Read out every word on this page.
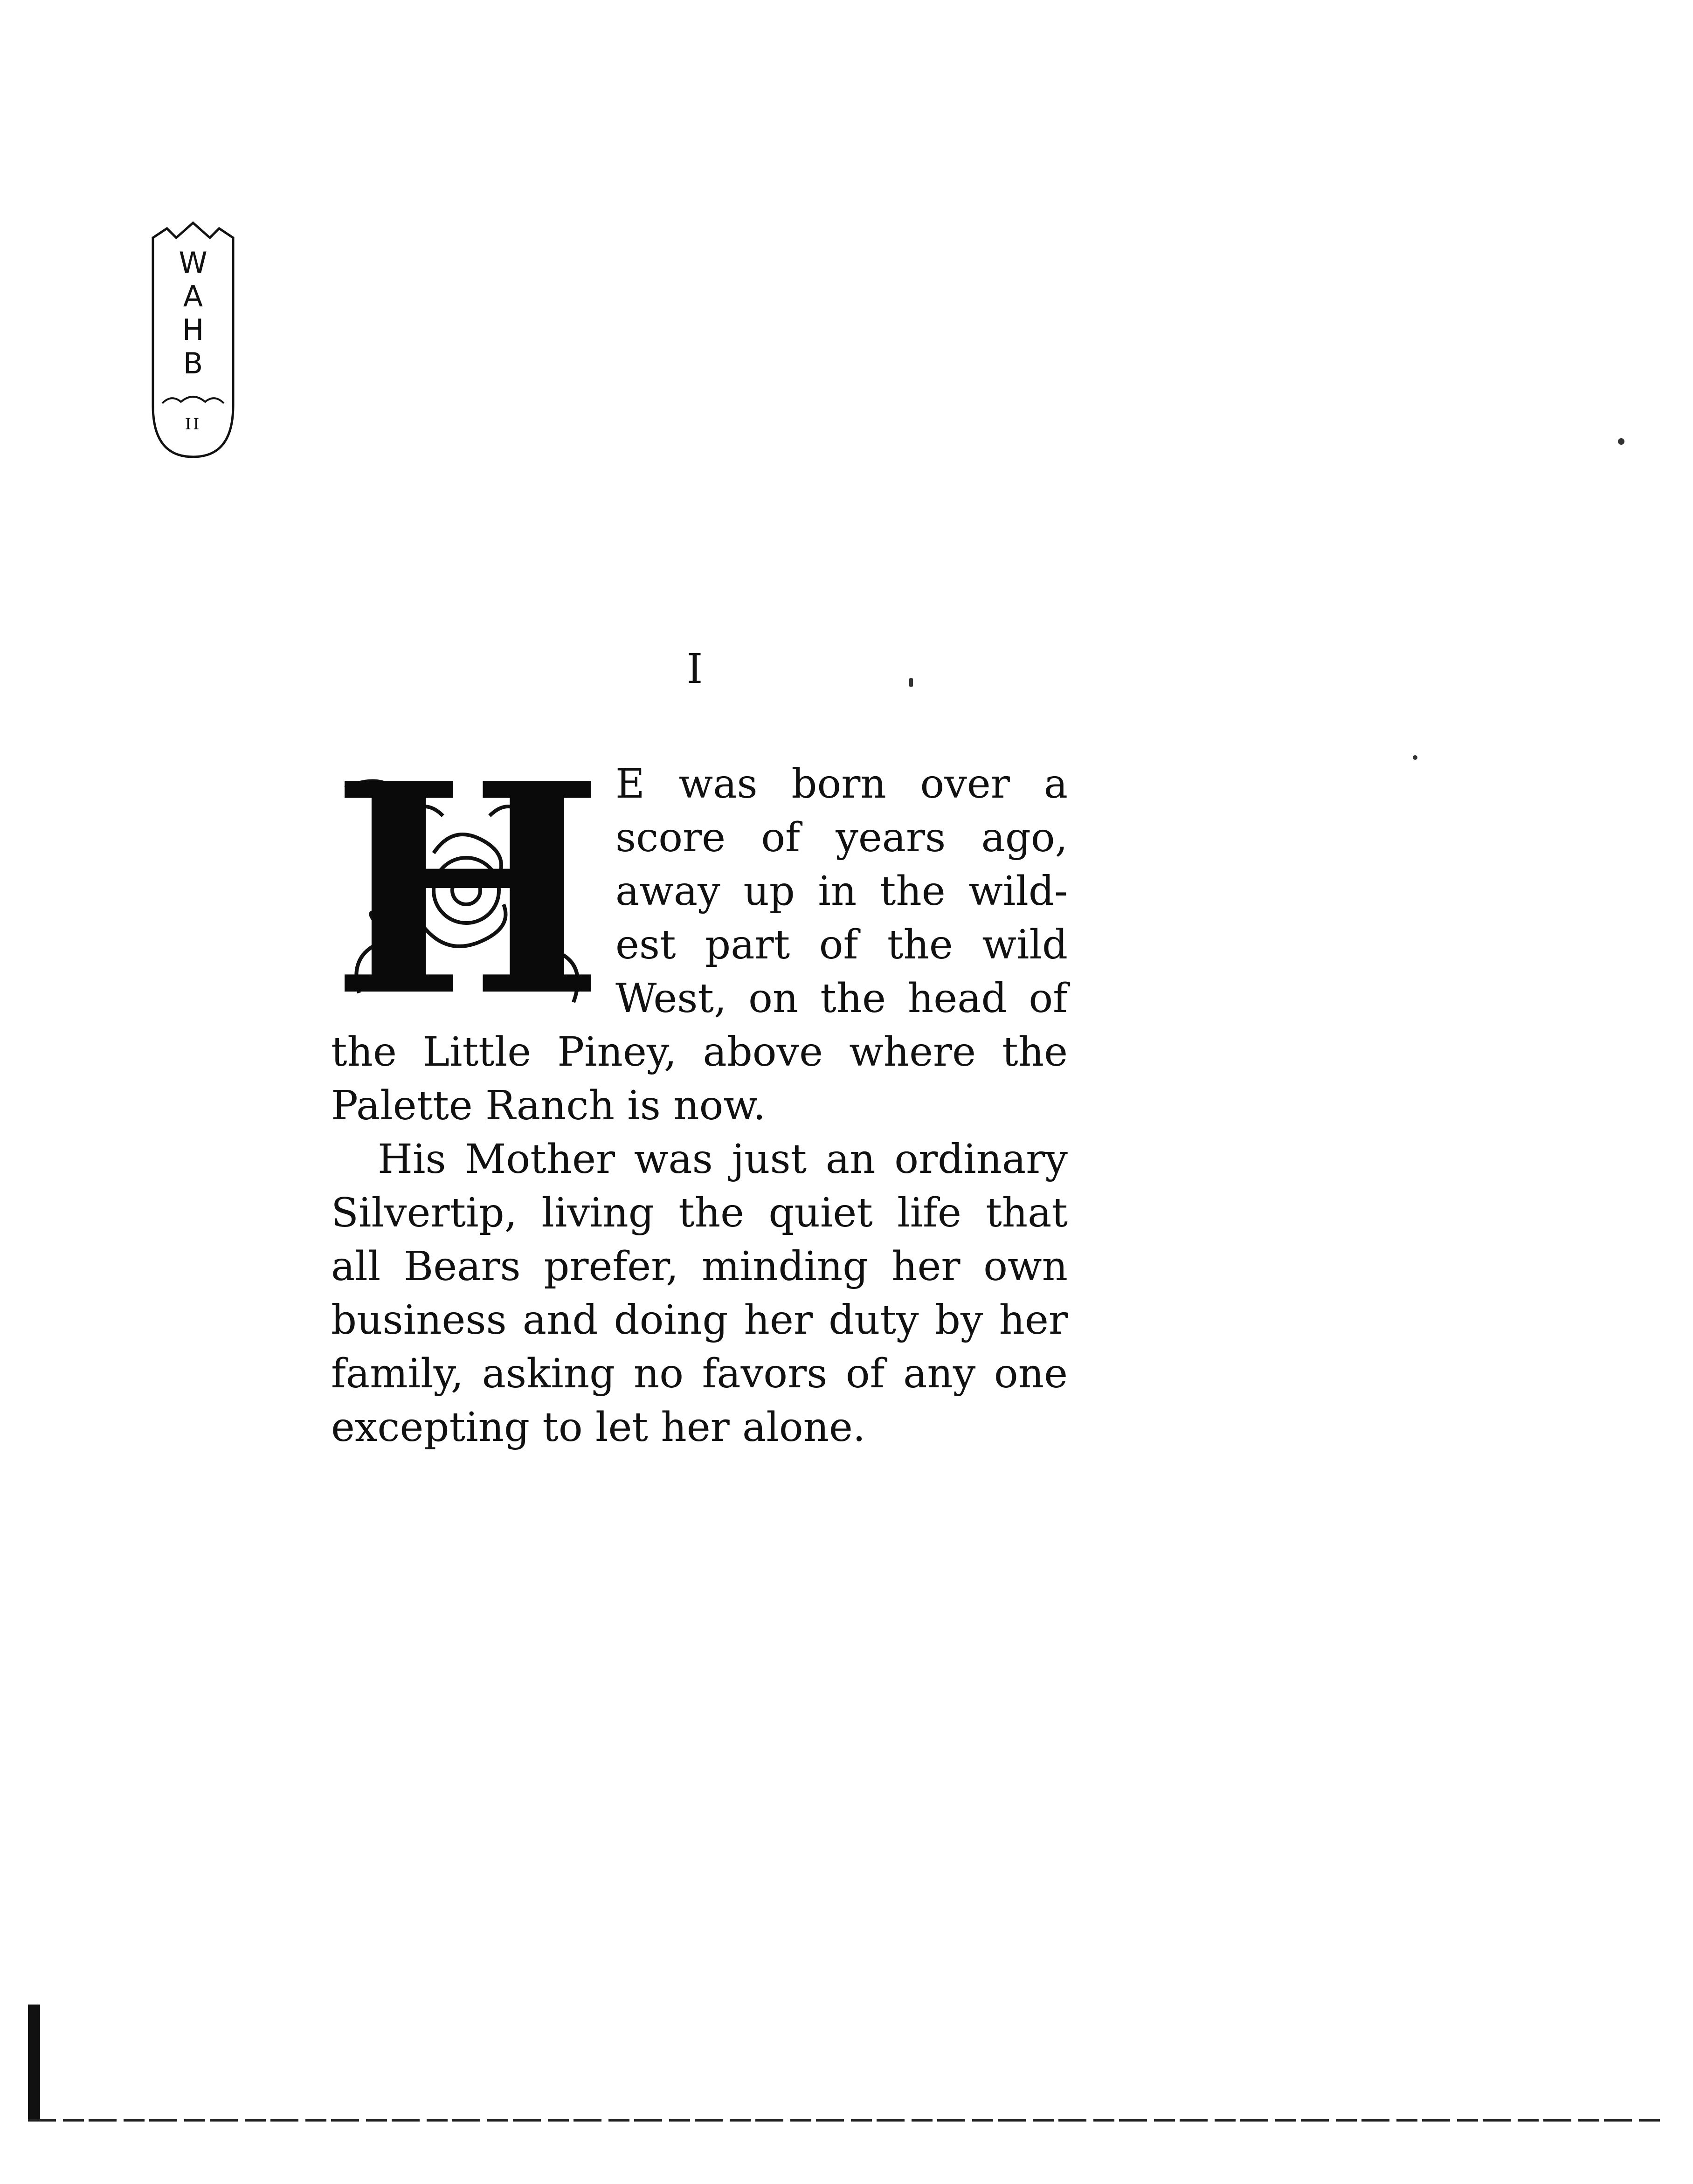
W
A
H
B
II
I
H E was born over a score of years ago, away up in the wild-est part of the wild West, on the head of the Little Piney, above where the Palette Ranch is now.

His Mother was just an ordinary Silvertip, living the quiet life that all Bears prefer, minding her own business and doing her duty by her family, asking no favors of any one excepting to let her alone.
